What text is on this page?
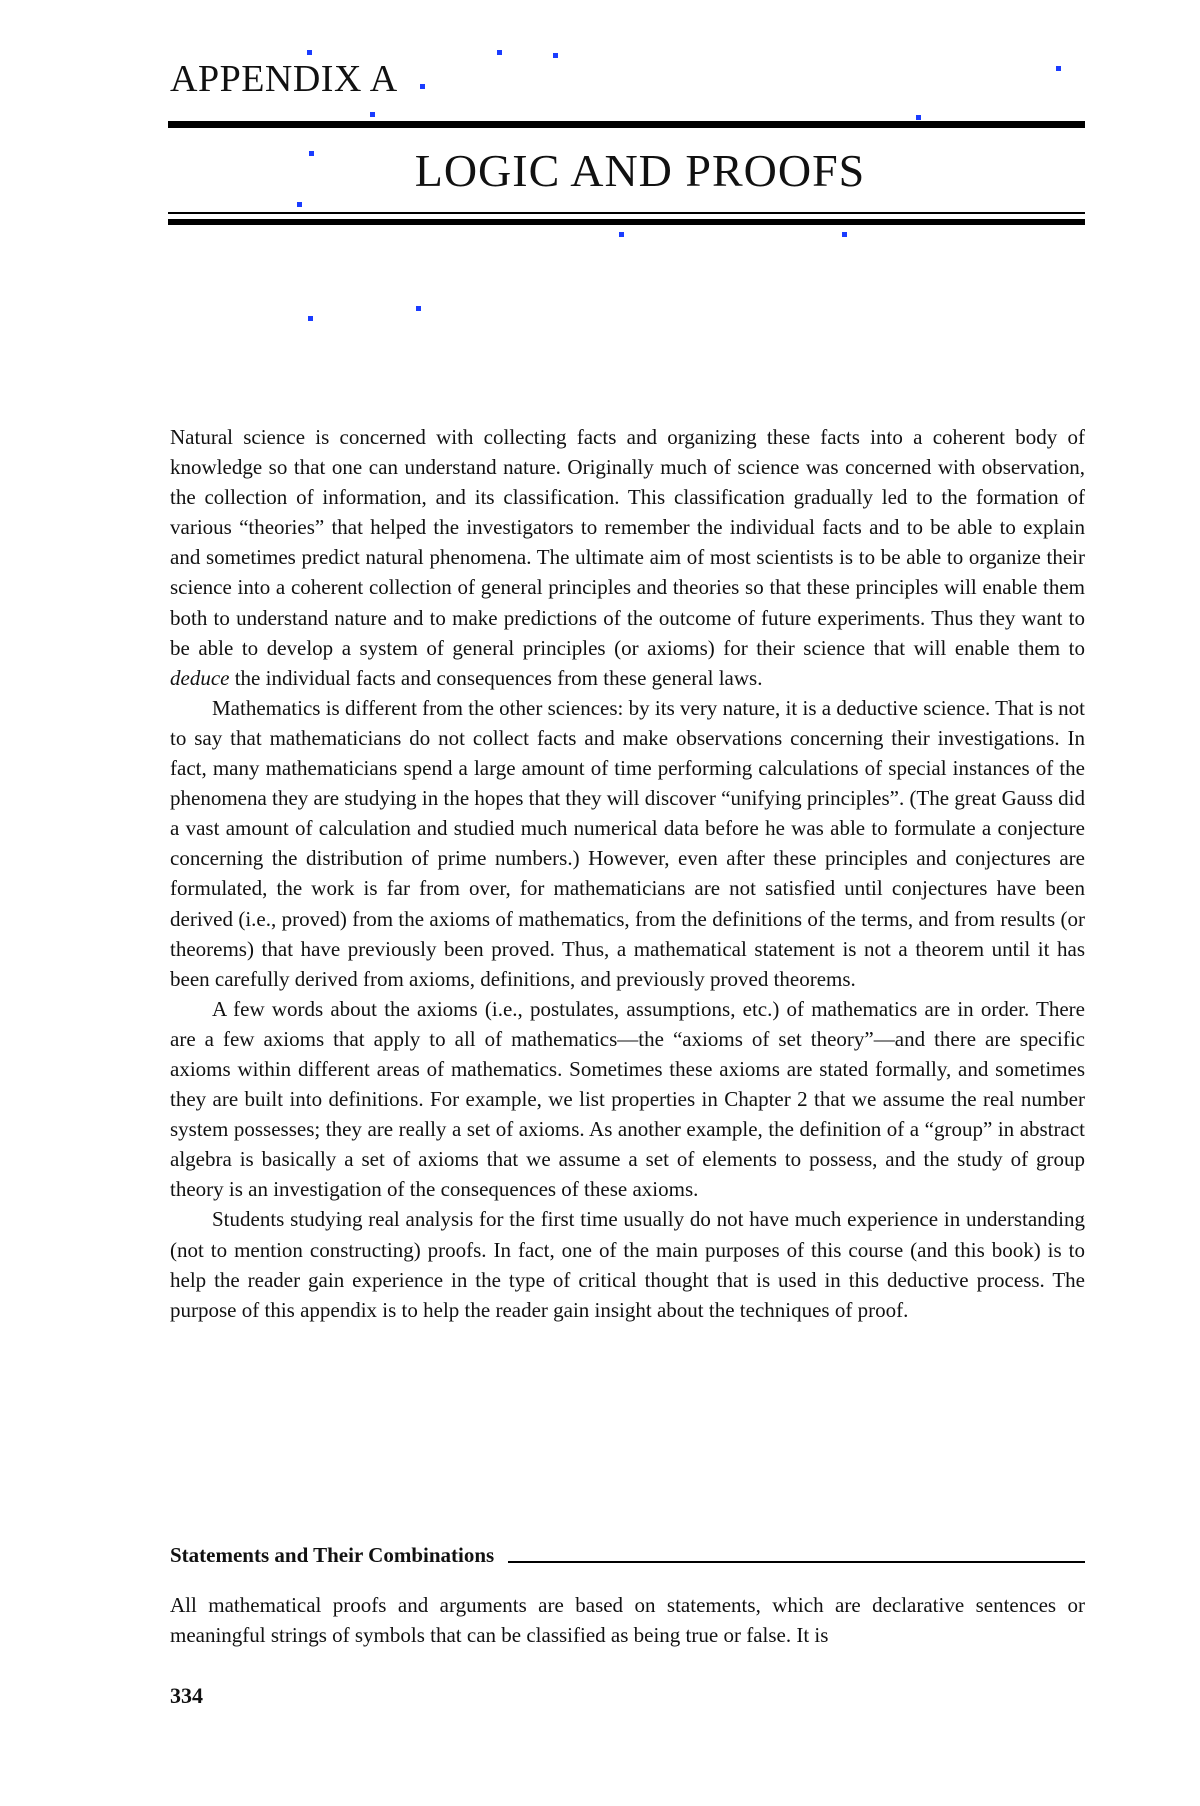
APPENDIX A
LOGIC AND PROOFS

Natural science is concerned with collecting facts and organizing these facts into a coherent body of knowledge so that one can understand nature. Originally much of science was concerned with observation, the collection of information, and its classification. This classification gradually led to the formation of various “theories” that helped the investigators to remember the individual facts and to be able to explain and sometimes predict natural phenomena. The ultimate aim of most scientists is to be able to organize their science into a coherent collection of general principles and theories so that these principles will enable them both to understand nature and to make predictions of the outcome of future experiments. Thus they want to be able to develop a system of general principles (or axioms) for their science that will enable them to deduce the individual facts and consequences from these general laws.

Mathematics is different from the other sciences: by its very nature, it is a deductive science. That is not to say that mathematicians do not collect facts and make observations concerning their investigations. In fact, many mathematicians spend a large amount of time performing calculations of special instances of the phenomena they are studying in the hopes that they will discover “unifying principles”. (The great Gauss did a vast amount of calculation and studied much numerical data before he was able to formulate a conjecture concerning the distribution of prime numbers.) However, even after these principles and conjectures are formulated, the work is far from over, for mathematicians are not satisfied until conjectures have been derived (i.e., proved) from the axioms of mathematics, from the definitions of the terms, and from results (or theorems) that have previously been proved. Thus, a mathematical statement is not a theorem until it has been carefully derived from axioms, definitions, and previously proved theorems.

A few words about the axioms (i.e., postulates, assumptions, etc.) of mathematics are in order. There are a few axioms that apply to all of mathematics—the “axioms of set theory”—and there are specific axioms within different areas of mathematics. Sometimes these axioms are stated formally, and sometimes they are built into definitions. For example, we list properties in Chapter 2 that we assume the real number system possesses; they are really a set of axioms. As another example, the definition of a “group” in abstract algebra is basically a set of axioms that we assume a set of elements to possess, and the study of group theory is an investigation of the consequences of these axioms.

Students studying real analysis for the first time usually do not have much experience in understanding (not to mention constructing) proofs. In fact, one of the main purposes of this course (and this book) is to help the reader gain experience in the type of critical thought that is used in this deductive process. The purpose of this appendix is to help the reader gain insight about the techniques of proof.

Statements and Their Combinations

All mathematical proofs and arguments are based on statements, which are declarative sentences or meaningful strings of symbols that can be classified as being true or false. It is

334
